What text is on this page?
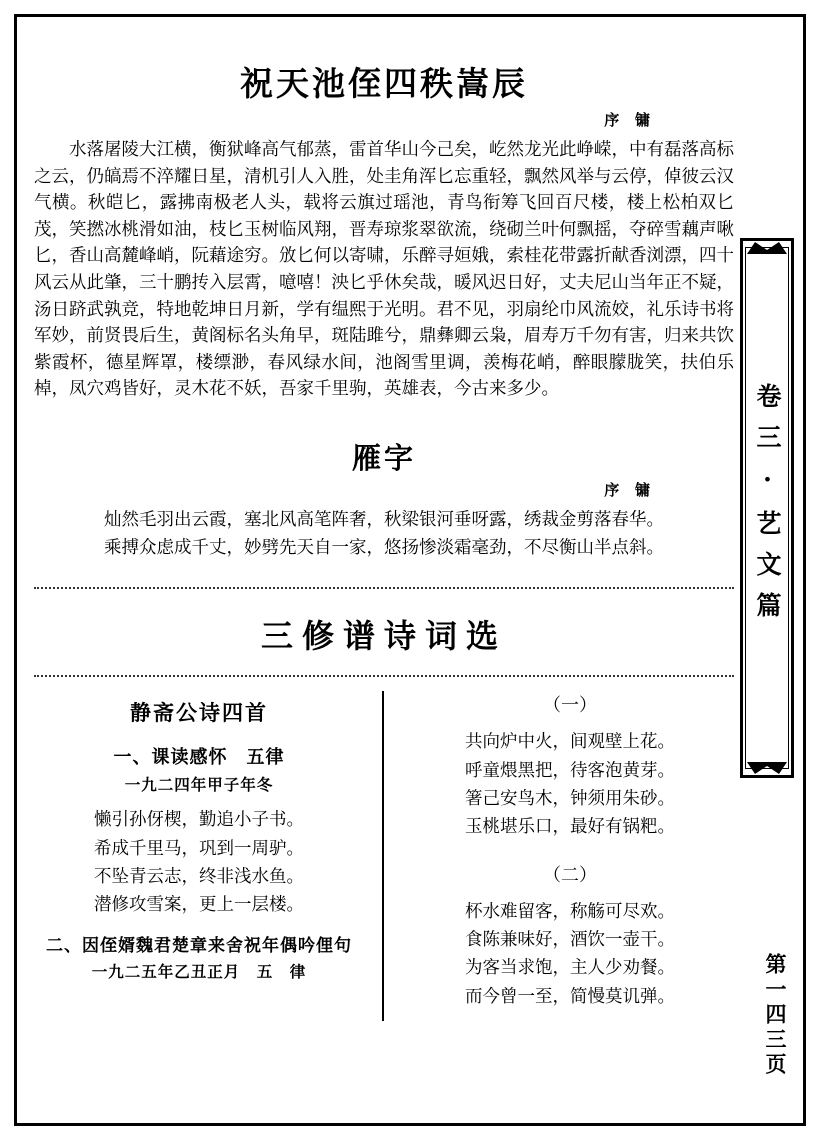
祝天池侄四秩嵩辰
序 镛

水落屠陵大江横，衡狱峰高气郁蒸，雷首华山今己矣，屹然龙光此峥嵘，中有磊落高标之云，仍皜焉不淬耀日星，清机引人入胜，处圭角浑匕忘重轻，飘然风举与云停，倬彼云汉气横。秋皑匕，露拂南极老人头，载将云旗过瑶池，青鸟衔筹飞回百尺楼，楼上松柏双匕茂，笑撚冰桃滑如油，枝匕玉树临风翔，晋寿琼浆翠欲流，绕砌兰叶何飘摇，夺碎雪藕声啾匕，香山高麓峰峭，阮藉途穷。攽匕何以寄啸，乐醉寻姮娥，索桂花带露折献香浏漂，四十风云从此肇，三十鹏抟入层霄，噫嘻！泱匕乎休矣哉，暖风迟日好，丈夫尼山当年正不疑，汤日跻武孰竞，特地乾坤日月新，学有缊熙于光明。君不见，羽扇纶巾风流姣，礼乐诗书将军妙，前贤畏后生，黄阁标名头角早，斑陆雎兮，鼎彝卿云枭，眉寿万千勿有害，归来共饮紫霞杯，德星辉罩，楼缥渺，春风绿水间，池阁雪里调，羡梅花峭，醉眼朦胧笑，扶伯乐棹，凤穴鸡皆好，灵木花不妖，吾家千里驹，英雄表，今古来多少。

雁字
序 镛

灿然毛羽出云霞，塞北风高笔阵奢，秋梁银河垂呀露，绣裁金剪落春华。

乘搏众虑成千丈，妙劈先天自一家，悠扬惨淡霜毫劲，不尽衡山半点斜。

三修谱诗词选
静斋公诗四首
一、课读感怀　五律
一九二四年甲子年冬
懒引孙伢楔，勤追小子书。
希成千里马，巩到一周驴。
不坠青云志，终非浅水鱼。
潜修攻雪案，更上一层楼。
二、因侄婿魏君楚章来舍祝年偶吟俚句
一九二五年乙丑正月　五　律
（一）
共向炉中火，间观壁上花。
呼童煨黑把，待客泡黄芽。
箸己安鸟木，钟须用朱砂。
玉桃堪乐口，最好有锅粑。
（二）
杯水难留客，称觞可尽欢。
食陈兼味好，酒饮一壶干。
为客当求饱，主人少劝餐。
而今曾一至，简慢莫讥弹。
卷三·艺文篇
第一四三页
